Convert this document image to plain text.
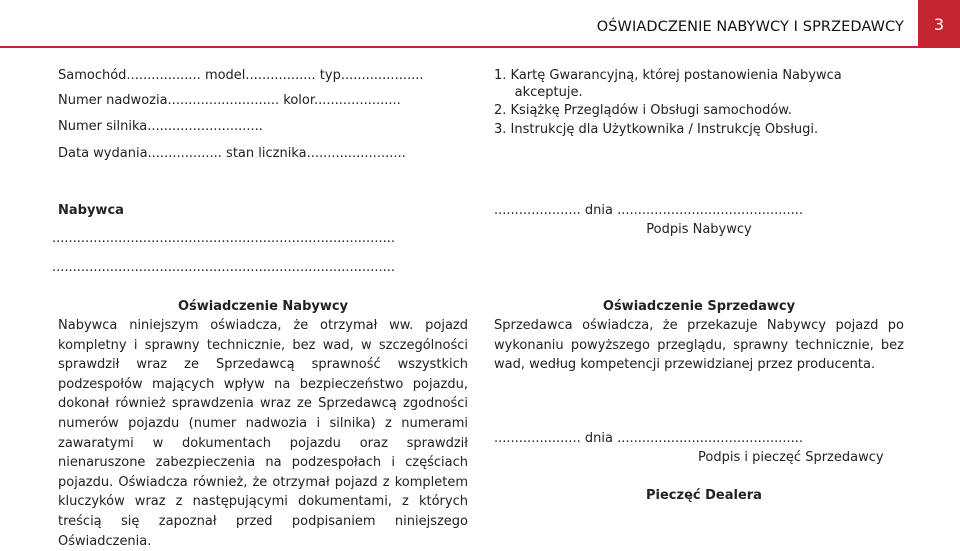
OŚWIADCZENIE NABYWCY I SPRZEDAWCY	3
Samochód.................. model................. typ....................
Numer nadwozia........................... kolor.....................
Numer silnika............................
Data wydania.................. stan licznika........................
1. Kartę Gwarancyjną, której postanowienia Nabywca
akceptuje.
2. Książkę Przeglądów i Obsługi samochodów.
3. Instrukcję dla Użytkownika / Instrukcję Obsługi.
Nabywca
...................................................................................
...................................................................................
..................... dnia .............................................
Podpis Nabywcy
Oświadczenie Nabywcy
Nabywca niniejszym oświadcza, że otrzymał ww. pojazd kompletny i sprawny technicznie, bez wad, w szczególności sprawdził wraz ze Sprzedawcą sprawność wszystkich podzespołów mających wpływ na bezpieczeństwo pojazdu, dokonał również sprawdzenia wraz ze Sprzedawcą zgodności numerów pojazdu (numer nadwozia i silnika) z numerami zawaratymi w dokumentach pojazdu oraz sprawdził nienaruszone zabezpieczenia na podzespołach i częściach pojazdu. Oświadcza również, że otrzymał pojazd z kompletem kluczyków wraz z następującymi dokumentami, z których treścią się zapoznał przed podpisaniem niniejszego Oświadczenia.
Oświadczenie Sprzedawcy
Sprzedawca oświadcza, że przekazuje Nabywcy pojazd po wykonaniu powyższego przeglądu, sprawny technicznie, bez wad, według kompetencji przewidzianej przez producenta.
..................... dnia .............................................
Podpis i pieczęć Sprzedawcy
Pieczęć Dealera
